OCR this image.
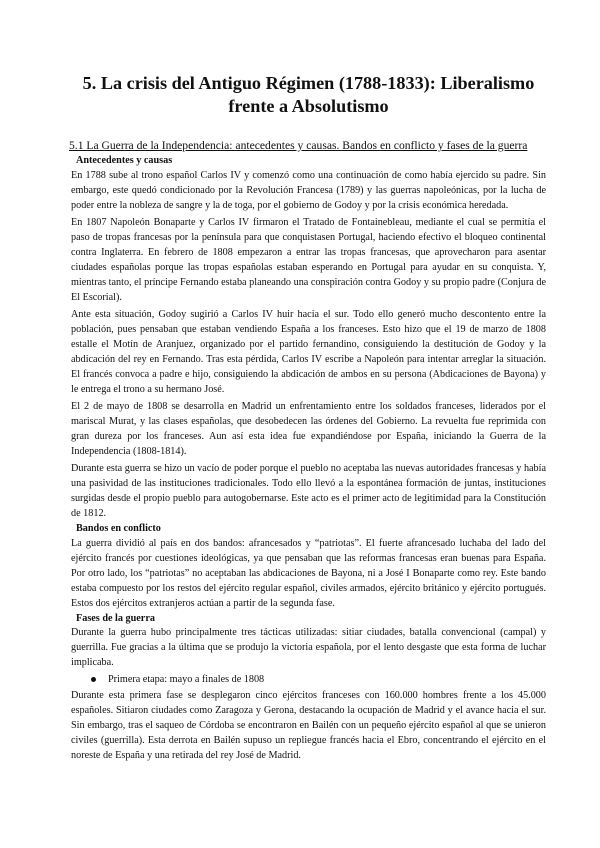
5. La crisis del Antiguo Régimen (1788-1833): Liberalismo
frente a Absolutismo
5.1 La Guerra de la Independencia: antecedentes y causas. Bandos en conflicto y fases de la guerra
Antecedentes y causas

En 1788 sube al trono español Carlos IV y comenzó como una continuación de como había ejercido su padre. Sin embargo, este quedó condicionado por la Revolución Francesa (1789) y las guerras napoleónicas, por la lucha de poder entre la nobleza de sangre y la de toga, por el gobierno de Godoy y por la crisis económica heredada.

En 1807 Napoleón Bonaparte y Carlos IV firmaron el Tratado de Fontainebleau, mediante el cual se permitía el paso de tropas francesas por la península para que conquistasen Portugal, haciendo efectivo el bloqueo continental contra Inglaterra. En febrero de 1808 empezaron a entrar las tropas francesas, que aprovecharon para asentar ciudades españolas porque las tropas españolas estaban esperando en Portugal para ayudar en su conquista. Y, mientras tanto, el príncipe Fernando estaba planeando una conspiración contra Godoy y su propio padre (Conjura de El Escorial).

Ante esta situación, Godoy sugirió a Carlos IV huir hacia el sur. Todo ello generó mucho descontento entre la población, pues pensaban que estaban vendiendo España a los franceses. Esto hizo que el 19 de marzo de 1808 estalle el Motín de Aranjuez, organizado por el partido fernandino, consiguiendo la destitución de Godoy y la abdicación del rey en Fernando. Tras esta pérdida, Carlos IV escribe a Napoleón para intentar arreglar la situación. El francés convoca a padre e hijo, consiguiendo la abdicación de ambos en su persona (Abdicaciones de Bayona) y le entrega el trono a su hermano José.

El 2 de mayo de 1808 se desarrolla en Madrid un enfrentamiento entre los soldados franceses, liderados por el mariscal Murat, y las clases españolas, que desobedecen las órdenes del Gobierno. La revuelta fue reprimida con gran dureza por los franceses. Aun así esta idea fue expandiéndose por España, iniciando la Guerra de la Independencia (1808-1814).

Durante esta guerra se hizo un vacío de poder porque el pueblo no aceptaba las nuevas autoridades francesas y había una pasividad de las instituciones tradicionales. Todo ello llevó a la espontánea formación de juntas, instituciones surgidas desde el propio pueblo para autogobernarse. Este acto es el primer acto de legitimidad para la Constitución de 1812.

Bandos en conflicto

La guerra dividió al país en dos bandos: afrancesados y “patriotas”. El fuerte afrancesado luchaba del lado del ejército francés por cuestiones ideológicas, ya que pensaban que las reformas francesas eran buenas para España. Por otro lado, los “patriotas” no aceptaban las abdicaciones de Bayona, ni a José I Bonaparte como rey. Este bando estaba compuesto por los restos del ejército regular español, civiles armados, ejército británico y ejército portugués. Estos dos ejércitos extranjeros actúan a partir de la segunda fase.

Fases de la guerra

Durante la guerra hubo principalmente tres tácticas utilizadas: sitiar ciudades, batalla convencional (campal) y guerrilla. Fue gracias a la última que se produjo la victoria española, por el lento desgaste que esta forma de luchar implicaba.

Primera etapa: mayo a finales de 1808

Durante esta primera fase se desplegaron cinco ejércitos franceses con 160.000 hombres frente a los 45.000 españoles. Sitiaron ciudades como Zaragoza y Gerona, destacando la ocupación de Madrid y el avance hacia el sur. Sin embargo, tras el saqueo de Córdoba se encontraron en Bailén con un pequeño ejército español al que se unieron civiles (guerrilla). Esta derrota en Bailén supuso un repliegue francés hacia el Ebro, concentrando el ejército en el noreste de España y una retirada del rey José de Madrid.
